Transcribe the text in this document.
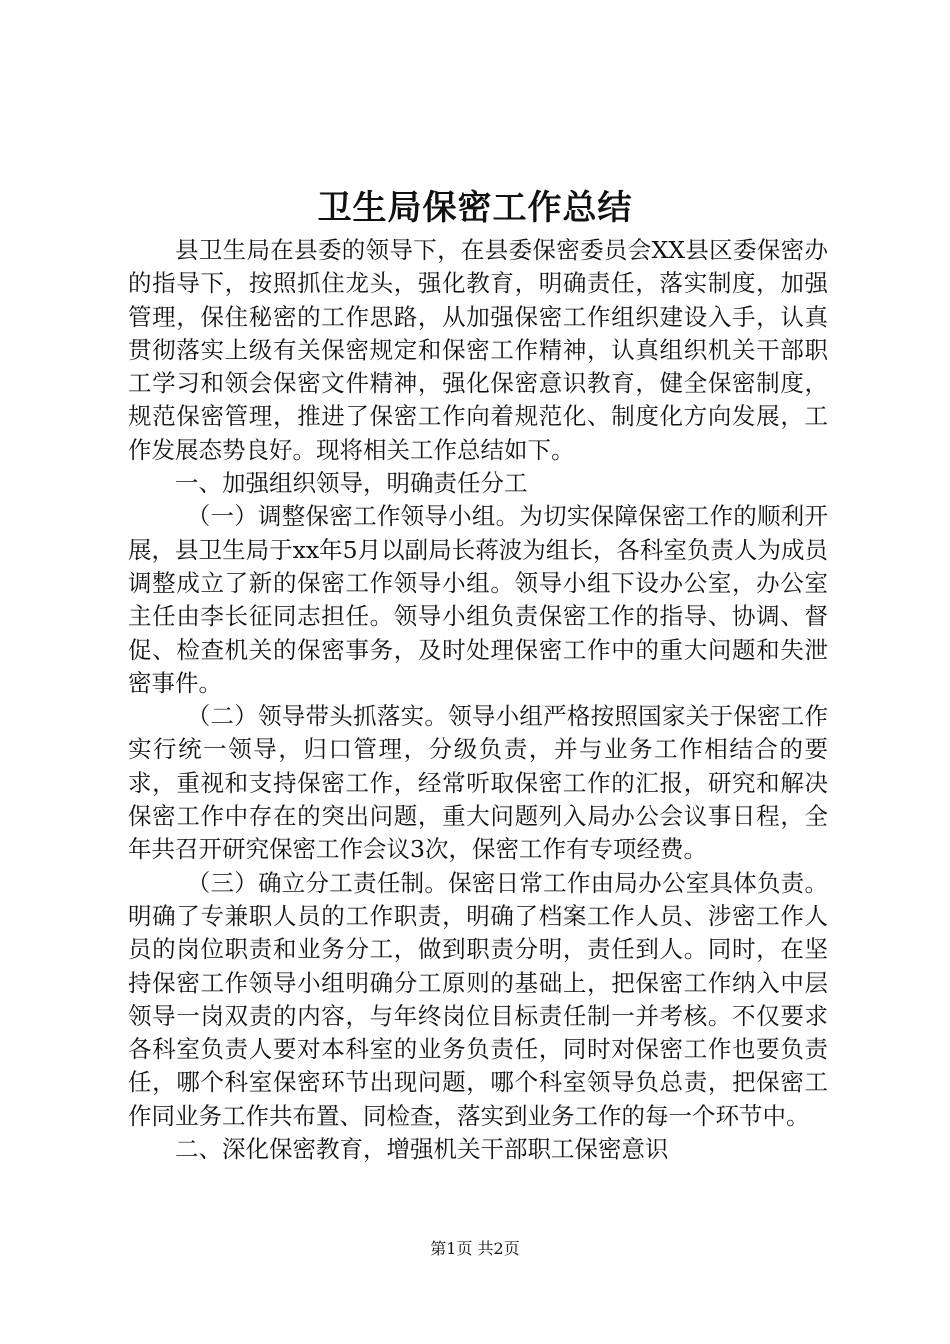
卫生局保密工作总结

县卫生局在县委的领导下，在县委保密委员会XX县区委保密办的指导下，按照抓住龙头，强化教育，明确责任，落实制度，加强管理，保住秘密的工作思路，从加强保密工作组织建设入手，认真贯彻落实上级有关保密规定和保密工作精神，认真组织机关干部职工学习和领会保密文件精神，强化保密意识教育，健全保密制度，规范保密管理，推进了保密工作向着规范化、制度化方向发展，工作发展态势良好。现将相关工作总结如下。

一、加强组织领导，明确责任分工

（一）调整保密工作领导小组。为切实保障保密工作的顺利开展，县卫生局于xx年5月以副局长蒋波为组长，各科室负责人为成员调整成立了新的保密工作领导小组。领导小组下设办公室，办公室主任由李长征同志担任。领导小组负责保密工作的指导、协调、督促、检查机关的保密事务，及时处理保密工作中的重大问题和失泄密事件。

（二）领导带头抓落实。领导小组严格按照国家关于保密工作实行统一领导，归口管理，分级负责，并与业务工作相结合的要求，重视和支持保密工作，经常听取保密工作的汇报，研究和解决保密工作中存在的突出问题，重大问题列入局办公会议事日程，全年共召开研究保密工作会议3次，保密工作有专项经费。

（三）确立分工责任制。保密日常工作由局办公室具体负责。明确了专兼职人员的工作职责，明确了档案工作人员、涉密工作人员的岗位职责和业务分工，做到职责分明，责任到人。同时，在坚持保密工作领导小组明确分工原则的基础上，把保密工作纳入中层领导一岗双责的内容，与年终岗位目标责任制一并考核。不仅要求各科室负责人要对本科室的业务负责任，同时对保密工作也要负责任，哪个科室保密环节出现问题，哪个科室领导负总责，把保密工作同业务工作共布置、同检查，落实到业务工作的每一个环节中。

二、深化保密教育，增强机关干部职工保密意识

第1页 共2页
